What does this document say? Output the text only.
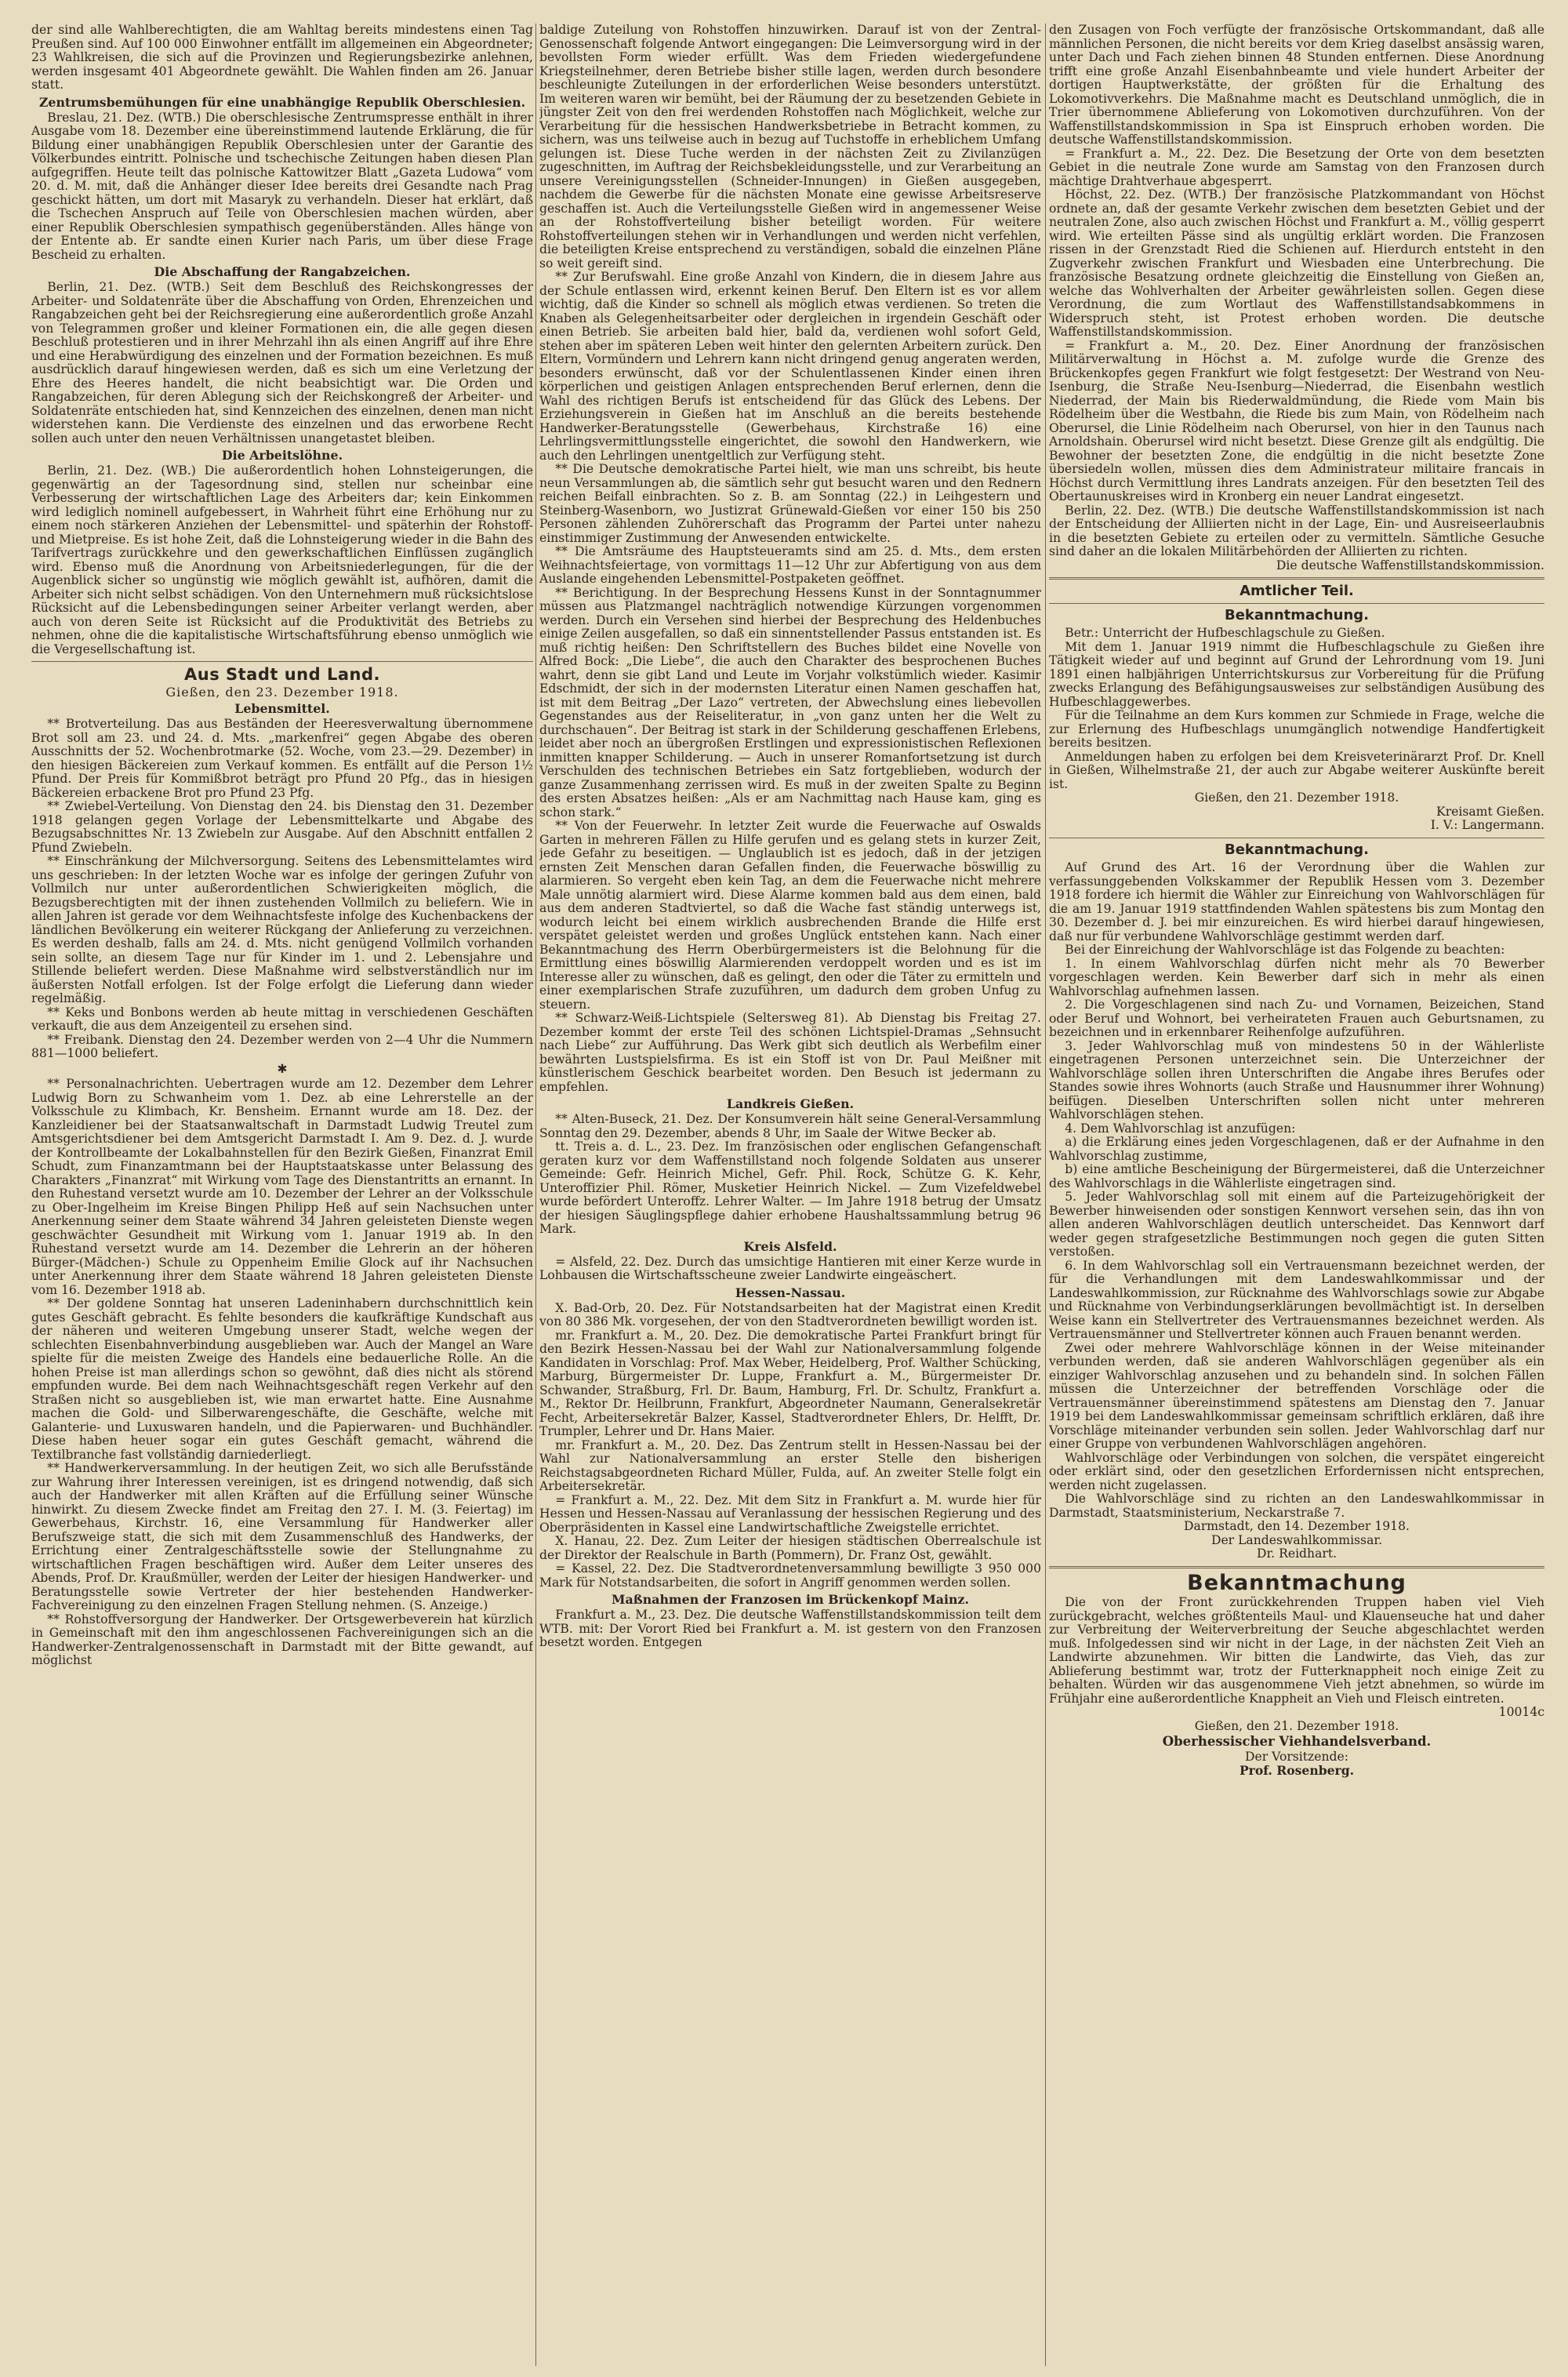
der sind alle Wahlberechtigten, die am Wahltag bereits mindestens einen Tag Preußen sind. Auf 100 000 Einwohner entfällt im allgemeinen ein Abgeordneter; 23 Wahlkreisen, die sich auf die Provinzen und Regierungsbezirke anlehnen, werden insgesamt 401 Abgeordnete gewählt. Die Wahlen finden am 26. Januar statt.

Zentrumsbemühungen für eine unabhängige Republik Oberschlesien.

Breslau, 21. Dez. (WTB.) Die oberschlesische Zentrumspresse enthält in ihrer Ausgabe vom 18. Dezember eine übereinstimmend lautende Erklärung, die für Bildung einer unabhängigen Republik Oberschlesien unter der Garantie des Völkerbundes eintritt. Polnische und tschechische Zeitungen haben diesen Plan aufgegriffen. Heute teilt das polnische Kattowitzer Blatt „Gazeta Ludowa“ vom 20. d. M. mit, daß die Anhänger dieser Idee bereits drei Gesandte nach Prag geschickt hätten, um dort mit Masaryk zu verhandeln. Dieser hat erklärt, daß die Tschechen Anspruch auf Teile von Oberschlesien machen würden, aber einer Republik Oberschlesien sympathisch gegenüberständen. Alles hänge von der Entente ab. Er sandte einen Kurier nach Paris, um über diese Frage Bescheid zu erhalten.

Die Abschaffung der Rangabzeichen.

Berlin, 21. Dez. (WTB.) Seit dem Beschluß des Reichskongresses der Arbeiter- und Soldatenräte über die Abschaffung von Orden, Ehrenzeichen und Rangabzeichen geht bei der Reichsregierung eine außerordentlich große Anzahl von Telegrammen großer und kleiner Formationen ein, die alle gegen diesen Beschluß protestieren und in ihrer Mehrzahl ihn als einen Angriff auf ihre Ehre und eine Herabwürdigung des einzelnen und der Formation bezeichnen. Es muß ausdrücklich darauf hingewiesen werden, daß es sich um eine Verletzung der Ehre des Heeres handelt, die nicht beabsichtigt war. Die Orden und Rangabzeichen, für deren Ablegung sich der Reichskongreß der Arbeiter- und Soldatenräte entschieden hat, sind Kennzeichen des einzelnen, denen man nicht widerstehen kann. Die Verdienste des einzelnen und das erworbene Recht sollen auch unter den neuen Verhältnissen unangetastet bleiben.

Die Arbeitslöhne.

Berlin, 21. Dez. (WB.) Die außerordentlich hohen Lohnsteigerungen, die gegenwärtig an der Tagesordnung sind, stellen nur scheinbar eine Verbesserung der wirtschaftlichen Lage des Arbeiters dar; kein Einkommen wird lediglich nominell aufgebessert, in Wahrheit führt eine Erhöhung nur zu einem noch stärkeren Anziehen der Lebensmittel- und späterhin der Rohstoff- und Mietpreise. Es ist hohe Zeit, daß die Lohnsteigerung wieder in die Bahn des Tarifvertrags zurückkehre und den gewerkschaftlichen Einflüssen zugänglich wird. Ebenso muß die Anordnung von Arbeitsniederlegungen, für die der Augenblick sicher so ungünstig wie möglich gewählt ist, aufhören, damit die Arbeiter sich nicht selbst schädigen. Von den Unternehmern muß rücksichtslose Rücksicht auf die Lebensbedingungen seiner Arbeiter verlangt werden, aber auch von deren Seite ist Rücksicht auf die Produktivität des Betriebs zu nehmen, ohne die die kapitalistische Wirtschaftsführung ebenso unmöglich wie die Vergesellschaftung ist.

Aus Stadt und Land.
Gießen, den 23. Dezember 1918.
Lebensmittel.

** Brotverteilung. Das aus Beständen der Heeresverwaltung übernommene Brot soll am 23. und 24. d. Mts. „markenfrei“ gegen Abgabe des oberen Ausschnitts der 52. Wochenbrotmarke (52. Woche, vom 23.—29. Dezember) in den hiesigen Bäckereien zum Verkauf kommen. Es entfällt auf die Person 1½ Pfund. Der Preis für Kommißbrot beträgt pro Pfund 20 Pfg., das in hiesigen Bäckereien erbackene Brot pro Pfund 23 Pfg.

** Zwiebel-Verteilung. Von Dienstag den 24. bis Dienstag den 31. Dezember 1918 gelangen gegen Vorlage der Lebensmittelkarte und Abgabe des Bezugsabschnittes Nr. 13 Zwiebeln zur Ausgabe. Auf den Abschnitt entfallen 2 Pfund Zwiebeln.

** Einschränkung der Milchversorgung. Seitens des Lebensmittelamtes wird uns geschrieben: In der letzten Woche war es infolge der geringen Zufuhr von Vollmilch nur unter außerordentlichen Schwierigkeiten möglich, die Bezugsberechtigten mit der ihnen zustehenden Vollmilch zu beliefern. Wie in allen Jahren ist gerade vor dem Weihnachtsfeste infolge des Kuchenbackens der ländlichen Bevölkerung ein weiterer Rückgang der Anlieferung zu verzeichnen. Es werden deshalb, falls am 24. d. Mts. nicht genügend Vollmilch vorhanden sein sollte, an diesem Tage nur für Kinder im 1. und 2. Lebensjahre und Stillende beliefert werden. Diese Maßnahme wird selbstverständlich nur im äußersten Notfall erfolgen. Ist der Folge erfolgt die Lieferung dann wieder regelmäßig.

** Keks und Bonbons werden ab heute mittag in verschiedenen Geschäften verkauft, die aus dem Anzeigenteil zu ersehen sind.

** Freibank. Dienstag den 24. Dezember werden von 2—4 Uhr die Nummern 881—1000 beliefert.

✱

** Personalnachrichten. Uebertragen wurde am 12. Dezember dem Lehrer Ludwig Born zu Schwanheim vom 1. Dez. ab eine Lehrerstelle an der Volksschule zu Klimbach, Kr. Bensheim. Ernannt wurde am 18. Dez. der Kanzleidiener bei der Staatsanwaltschaft in Darmstadt Ludwig Treutel zum Amtsgerichtsdiener bei dem Amtsgericht Darmstadt I. Am 9. Dez. d. J. wurde der Kontrollbeamte der Lokalbahnstellen für den Bezirk Gießen, Finanzrat Emil Schudt, zum Finanzamtmann bei der Hauptstaatskasse unter Belassung des Charakters „Finanzrat“ mit Wirkung vom Tage des Dienstantritts an ernannt. In den Ruhestand versetzt wurde am 10. Dezember der Lehrer an der Volksschule zu Ober-Ingelheim im Kreise Bingen Philipp Heß auf sein Nachsuchen unter Anerkennung seiner dem Staate während 34 Jahren geleisteten Dienste wegen geschwächter Gesundheit mit Wirkung vom 1. Januar 1919 ab. In den Ruhestand versetzt wurde am 14. Dezember die Lehrerin an der höheren Bürger-(Mädchen-) Schule zu Oppenheim Emilie Glock auf ihr Nachsuchen unter Anerkennung ihrer dem Staate während 18 Jahren geleisteten Dienste vom 16. Dezember 1918 ab.

** Der goldene Sonntag hat unseren Ladeninhabern durchschnittlich kein gutes Geschäft gebracht. Es fehlte besonders die kaufkräftige Kundschaft aus der näheren und weiteren Umgebung unserer Stadt, welche wegen der schlechten Eisenbahnverbindung ausgeblieben war. Auch der Mangel an Ware spielte für die meisten Zweige des Handels eine bedauerliche Rolle. An die hohen Preise ist man allerdings schon so gewöhnt, daß dies nicht als störend empfunden wurde. Bei dem nach Weihnachtsgeschäft regen Verkehr auf den Straßen nicht so ausgeblieben ist, wie man erwartet hatte. Eine Ausnahme machen die Gold- und Silberwarengeschäfte, die Geschäfte, welche mit Galanterie- und Luxuswaren handeln, und die Papierwaren- und Buchhändler. Diese haben heuer sogar ein gutes Geschäft gemacht, während die Textilbranche fast vollständig darniederliegt.

** Handwerkerversammlung. In der heutigen Zeit, wo sich alle Berufsstände zur Wahrung ihrer Interessen vereinigen, ist es dringend notwendig, daß sich auch der Handwerker mit allen Kräften auf die Erfüllung seiner Wünsche hinwirkt. Zu diesem Zwecke findet am Freitag den 27. I. M. (3. Feiertag) im Gewerbehaus, Kirchstr. 16, eine Versammlung für Handwerker aller Berufszweige statt, die sich mit dem Zusammenschluß des Handwerks, der Errichtung einer Zentralgeschäftsstelle sowie der Stellungnahme zu wirtschaftlichen Fragen beschäftigen wird. Außer dem Leiter unseres des Abends, Prof. Dr. Kraußmüller, werden der Leiter der hiesigen Handwerker- und Beratungsstelle sowie Vertreter der hier bestehenden Handwerker-Fachvereinigung zu den einzelnen Fragen Stellung nehmen. (S. Anzeige.)

** Rohstoffversorgung der Handwerker. Der Ortsgewerbeverein hat kürzlich in Gemeinschaft mit den ihm angeschlossenen Fachvereinigungen sich an die Handwerker-Zentralgenossenschaft in Darmstadt mit der Bitte gewandt, auf möglichst

baldige Zuteilung von Rohstoffen hinzuwirken. Darauf ist von der Zentral-Genossenschaft folgende Antwort eingegangen: Die Leimversorgung wird in der bevollsten Form wieder erfüllt. Was dem Frieden wiedergefundene Kriegsteilnehmer, deren Betriebe bisher stille lagen, werden durch besondere beschleunigte Zuteilungen in der erforderlichen Weise besonders unterstützt. Im weiteren waren wir bemüht, bei der Räumung der zu besetzenden Gebiete in jüngster Zeit von den frei werdenden Rohstoffen nach Möglichkeit, welche zur Verarbeitung für die hessischen Handwerksbetriebe in Betracht kommen, zu sichern, was uns teilweise auch in bezug auf Tuchstoffe in erheblichem Umfang gelungen ist. Diese Tuche werden in der nächsten Zeit zu Zivilanzügen zugeschnitten, im Auftrag der Reichsbekleidungsstelle, und zur Verarbeitung an unsere Vereinigungsstellen (Schneider-Innungen) in Gießen ausgegeben, nachdem die Gewerbe für die nächsten Monate eine gewisse Arbeitsreserve geschaffen ist. Auch die Verteilungsstelle Gießen wird in angemessener Weise an der Rohstoffverteilung bisher beteiligt worden. Für weitere Rohstoffverteilungen stehen wir in Verhandlungen und werden nicht verfehlen, die beteiligten Kreise entsprechend zu verständigen, sobald die einzelnen Pläne so weit gereift sind.

** Zur Berufswahl. Eine große Anzahl von Kindern, die in diesem Jahre aus der Schule entlassen wird, erkennt keinen Beruf. Den Eltern ist es vor allem wichtig, daß die Kinder so schnell als möglich etwas verdienen. So treten die Knaben als Gelegenheitsarbeiter oder dergleichen in irgendein Geschäft oder einen Betrieb. Sie arbeiten bald hier, bald da, verdienen wohl sofort Geld, stehen aber im späteren Leben weit hinter den gelernten Arbeitern zurück. Den Eltern, Vormündern und Lehrern kann nicht dringend genug angeraten werden, besonders erwünscht, daß vor der Schulentlassenen Kinder einen ihren körperlichen und geistigen Anlagen entsprechenden Beruf erlernen, denn die Wahl des richtigen Berufs ist entscheidend für das Glück des Lebens. Der Erziehungsverein in Gießen hat im Anschluß an die bereits bestehende Handwerker-Beratungsstelle (Gewerbehaus, Kirchstraße 16) eine Lehrlingsvermittlungsstelle eingerichtet, die sowohl den Handwerkern, wie auch den Lehrlingen unentgeltlich zur Verfügung steht.

** Die Deutsche demokratische Partei hielt, wie man uns schreibt, bis heute neun Versammlungen ab, die sämtlich sehr gut besucht waren und den Rednern reichen Beifall einbrachten. So z. B. am Sonntag (22.) in Leihgestern und Steinberg-Wasenborn, wo Justizrat Grünewald-Gießen vor einer 150 bis 250 Personen zählenden Zuhörerschaft das Programm der Partei unter nahezu einstimmiger Zustimmung der Anwesenden entwickelte.

** Die Amtsräume des Hauptsteueramts sind am 25. d. Mts., dem ersten Weihnachtsfeiertage, von vormittags 11—12 Uhr zur Abfertigung von aus dem Auslande eingehenden Lebensmittel-Postpaketen geöffnet.

** Berichtigung. In der Besprechung Hessens Kunst in der Sonntagnummer müssen aus Platzmangel nachträglich notwendige Kürzungen vorgenommen werden. Durch ein Versehen sind hierbei der Besprechung des Heldenbuches einige Zeilen ausgefallen, so daß ein sinnentstellender Passus entstanden ist. Es muß richtig heißen: Den Schriftstellern des Buches bildet eine Novelle von Alfred Bock: „Die Liebe“, die auch den Charakter des besprochenen Buches wahrt, denn sie gibt Land und Leute im Vorjahr volkstümlich wieder. Kasimir Edschmidt, der sich in der modernsten Literatur einen Namen geschaffen hat, ist mit dem Beitrag „Der Lazo“ vertreten, der Abwechslung eines liebevollen Gegenstandes aus der Reiseliteratur, in „von ganz unten her die Welt zu durchschauen“. Der Beitrag ist stark in der Schilderung geschaffenen Erlebens, leidet aber noch an übergroßen Erstlingen und expressionistischen Reflexionen inmitten knapper Schilderung. — Auch in unserer Romanfortsetzung ist durch Verschulden des technischen Betriebes ein Satz fortgeblieben, wodurch der ganze Zusammenhang zerrissen wird. Es muß in der zweiten Spalte zu Beginn des ersten Absatzes heißen: „Als er am Nachmittag nach Hause kam, ging es schon stark.“

** Von der Feuerwehr. In letzter Zeit wurde die Feuerwache auf Oswalds Garten in mehreren Fällen zu Hilfe gerufen und es gelang stets in kurzer Zeit, jede Gefahr zu beseitigen. — Unglaublich ist es jedoch, daß in der jetzigen ernsten Zeit Menschen daran Gefallen finden, die Feuerwache böswillig zu alarmieren. So vergeht eben kein Tag, an dem die Feuerwache nicht mehrere Male unnötig alarmiert wird. Diese Alarme kommen bald aus dem einen, bald aus dem anderen Stadtviertel, so daß die Wache fast ständig unterwegs ist, wodurch leicht bei einem wirklich ausbrechenden Brande die Hilfe erst verspätet geleistet werden und großes Unglück entstehen kann. Nach einer Bekanntmachung des Herrn Oberbürgermeisters ist die Belohnung für die Ermittlung eines böswillig Alarmierenden verdoppelt worden und es ist im Interesse aller zu wünschen, daß es gelingt, den oder die Täter zu ermitteln und einer exemplarischen Strafe zuzuführen, um dadurch dem groben Unfug zu steuern.

** Schwarz-Weiß-Lichtspiele (Seltersweg 81). Ab Dienstag bis Freitag 27. Dezember kommt der erste Teil des schönen Lichtspiel-Dramas „Sehnsucht nach Liebe“ zur Aufführung. Das Werk gibt sich deutlich als Werbefilm einer bewährten Lustspielsfirma. Es ist ein Stoff ist von Dr. Paul Meißner mit künstlerischem Geschick bearbeitet worden. Den Besuch ist jedermann zu empfehlen.

Landkreis Gießen.

** Alten-Buseck, 21. Dez. Der Konsumverein hält seine General-Versammlung Sonntag den 29. Dezember, abends 8 Uhr, im Saale der Witwe Becker ab.

tt. Treis a. d. L., 23. Dez. Im französischen oder englischen Gefangenschaft geraten kurz vor dem Waffenstillstand noch folgende Soldaten aus unserer Gemeinde: Gefr. Heinrich Michel, Gefr. Phil. Rock, Schütze G. K. Kehr, Unteroffizier Phil. Römer, Musketier Heinrich Nickel. — Zum Vizefeldwebel wurde befördert Unteroffz. Lehrer Walter. — Im Jahre 1918 betrug der Umsatz der hiesigen Säuglingspflege dahier erhobene Haushaltssammlung betrug 96 Mark.

Kreis Alsfeld.

= Alsfeld, 22. Dez. Durch das umsichtige Hantieren mit einer Kerze wurde in Lohbausen die Wirtschaftsscheune zweier Landwirte eingeäschert.

Hessen-Nassau.

X. Bad-Orb, 20. Dez. Für Notstandsarbeiten hat der Magistrat einen Kredit von 80 386 Mk. vorgesehen, der von den Stadtverordneten bewilligt worden ist.

mr. Frankfurt a. M., 20. Dez. Die demokratische Partei Frankfurt bringt für den Bezirk Hessen-Nassau bei der Wahl zur Nationalversammlung folgende Kandidaten in Vorschlag: Prof. Max Weber, Heidelberg, Prof. Walther Schücking, Marburg, Bürgermeister Dr. Luppe, Frankfurt a. M., Bürgermeister Dr. Schwander, Straßburg, Frl. Dr. Baum, Hamburg, Frl. Dr. Schultz, Frankfurt a. M., Rektor Dr. Heilbrunn, Frankfurt, Abgeordneter Naumann, Generalsekretär Fecht, Arbeitersekretär Balzer, Kassel, Stadtverordneter Ehlers, Dr. Helfft, Dr. Trumpler, Lehrer und Dr. Hans Maier.

mr. Frankfurt a. M., 20. Dez. Das Zentrum stellt in Hessen-Nassau bei der Wahl zur Nationalversammlung an erster Stelle den bisherigen Reichstagsabgeordneten Richard Müller, Fulda, auf. An zweiter Stelle folgt ein Arbeitersekretär.

= Frankfurt a. M., 22. Dez. Mit dem Sitz in Frankfurt a. M. wurde hier für Hessen und Hessen-Nassau auf Veranlassung der hessischen Regierung und des Oberpräsidenten in Kassel eine Landwirtschaftliche Zweigstelle errichtet.

X. Hanau, 22. Dez. Zum Leiter der hiesigen städtischen Oberrealschule ist der Direktor der Realschule in Barth (Pommern), Dr. Franz Ost, gewählt.

= Kassel, 22. Dez. Die Stadtverordnetenversammlung bewilligte 3 950 000 Mark für Notstandsarbeiten, die sofort in Angriff genommen werden sollen.

Maßnahmen der Franzosen im Brückenkopf Mainz.

Frankfurt a. M., 23. Dez. Die deutsche Waffenstillstandskommission teilt dem WTB. mit: Der Vorort Ried bei Frankfurt a. M. ist gestern von den Franzosen besetzt worden. Entgegen

den Zusagen von Foch verfügte der französische Ortskommandant, daß alle männlichen Personen, die nicht bereits vor dem Krieg daselbst ansässig waren, unter Dach und Fach ziehen binnen 48 Stunden entfernen. Diese Anordnung trifft eine große Anzahl Eisenbahnbeamte und viele hundert Arbeiter der dortigen Hauptwerkstätte, der größten für die Erhaltung des Lokomotivverkehrs. Die Maßnahme macht es Deutschland unmöglich, die in Trier übernommene Ablieferung von Lokomotiven durchzuführen. Von der Waffenstillstandskommission in Spa ist Einspruch erhoben worden. Die deutsche Waffenstillstandskommission.

= Frankfurt a. M., 22. Dez. Die Besetzung der Orte von dem besetzten Gebiet in die neutrale Zone wurde am Samstag von den Franzosen durch mächtige Drahtverhaue abgesperrt.

Höchst, 22. Dez. (WTB.) Der französische Platzkommandant von Höchst ordnete an, daß der gesamte Verkehr zwischen dem besetzten Gebiet und der neutralen Zone, also auch zwischen Höchst und Frankfurt a. M., völlig gesperrt wird. Wie erteilten Pässe sind als ungültig erklärt worden. Die Franzosen rissen in der Grenzstadt Ried die Schienen auf. Hierdurch entsteht in den Zugverkehr zwischen Frankfurt und Wiesbaden eine Unterbrechung. Die französische Besatzung ordnete gleichzeitig die Einstellung von Gießen an, welche das Wohlverhalten der Arbeiter gewährleisten sollen. Gegen diese Verordnung, die zum Wortlaut des Waffenstillstandsabkommens in Widerspruch steht, ist Protest erhoben worden. Die deutsche Waffenstillstandskommission.

= Frankfurt a. M., 20. Dez. Einer Anordnung der französischen Militärverwaltung in Höchst a. M. zufolge wurde die Grenze des Brückenkopfes gegen Frankfurt wie folgt festgesetzt: Der Westrand von Neu-Isenburg, die Straße Neu-Isenburg—Niederrad, die Eisenbahn westlich Niederrad, der Main bis Riederwaldmündung, die Riede vom Main bis Rödelheim über die Westbahn, die Riede bis zum Main, von Rödelheim nach Oberursel, die Linie Rödelheim nach Oberursel, von hier in den Taunus nach Arnoldshain. Oberursel wird nicht besetzt. Diese Grenze gilt als endgültig. Die Bewohner der besetzten Zone, die endgültig in die nicht besetzte Zone übersiedeln wollen, müssen dies dem Administrateur militaire francais in Höchst durch Vermittlung ihres Landrats anzeigen. Für den besetzten Teil des Obertaunuskreises wird in Kronberg ein neuer Landrat eingesetzt.

Berlin, 22. Dez. (WTB.) Die deutsche Waffenstillstandskommission ist nach der Entscheidung der Alliierten nicht in der Lage, Ein- und Ausreiseerlaubnis in die besetzten Gebiete zu erteilen oder zu vermitteln. Sämtliche Gesuche sind daher an die lokalen Militärbehörden der Alliierten zu richten.

Die deutsche Waffenstillstandskommission.

Amtlicher Teil.
Bekanntmachung.

Betr.: Unterricht der Hufbeschlagschule zu Gießen.

Mit dem 1. Januar 1919 nimmt die Hufbeschlagschule zu Gießen ihre Tätigkeit wieder auf und beginnt auf Grund der Lehrordnung vom 19. Juni 1891 einen halbjährigen Unterrichtskursus zur Vorbereitung für die Prüfung zwecks Erlangung des Befähigungsausweises zur selbständigen Ausübung des Hufbeschlaggewerbes.

Für die Teilnahme an dem Kurs kommen zur Schmiede in Frage, welche die zur Erlernung des Hufbeschlags unumgänglich notwendige Handfertigkeit bereits besitzen.

Anmeldungen haben zu erfolgen bei dem Kreisveterinärarzt Prof. Dr. Knell in Gießen, Wilhelmstraße 21, der auch zur Abgabe weiterer Auskünfte bereit ist.

Gießen, den 21. Dezember 1918.

Kreisamt Gießen.

I. V.: Langermann.

Bekanntmachung.

Auf Grund des Art. 16 der Verordnung über die Wahlen zur verfassunggebenden Volkskammer der Republik Hessen vom 3. Dezember 1918 fordere ich hiermit die Wähler zur Einreichung von Wahlvorschlägen für die am 19. Januar 1919 stattfindenden Wahlen spätestens bis zum Montag den 30. Dezember d. J. bei mir einzureichen. Es wird hierbei darauf hingewiesen, daß nur für verbundene Wahlvorschläge gestimmt werden darf.

Bei der Einreichung der Wahlvorschläge ist das Folgende zu beachten:

1. In einem Wahlvorschlag dürfen nicht mehr als 70 Bewerber vorgeschlagen werden. Kein Bewerber darf sich in mehr als einen Wahlvorschlag aufnehmen lassen.

2. Die Vorgeschlagenen sind nach Zu- und Vornamen, Beizeichen, Stand oder Beruf und Wohnort, bei verheirateten Frauen auch Geburtsnamen, zu bezeichnen und in erkennbarer Reihenfolge aufzuführen.

3. Jeder Wahlvorschlag muß von mindestens 50 in der Wählerliste eingetragenen Personen unterzeichnet sein. Die Unterzeichner der Wahlvorschläge sollen ihren Unterschriften die Angabe ihres Berufes oder Standes sowie ihres Wohnorts (auch Straße und Hausnummer ihrer Wohnung) beifügen. Dieselben Unterschriften sollen nicht unter mehreren Wahlvorschlägen stehen.

4. Dem Wahlvorschlag ist anzufügen:

a) die Erklärung eines jeden Vorgeschlagenen, daß er der Aufnahme in den Wahlvorschlag zustimme,

b) eine amtliche Bescheinigung der Bürgermeisterei, daß die Unterzeichner des Wahlvorschlags in die Wählerliste eingetragen sind.

5. Jeder Wahlvorschlag soll mit einem auf die Parteizugehörigkeit der Bewerber hinweisenden oder sonstigen Kennwort versehen sein, das ihn von allen anderen Wahlvorschlägen deutlich unterscheidet. Das Kennwort darf weder gegen strafgesetzliche Bestimmungen noch gegen die guten Sitten verstoßen.

6. In dem Wahlvorschlag soll ein Vertrauensmann bezeichnet werden, der für die Verhandlungen mit dem Landeswahlkommissar und der Landeswahlkommission, zur Rücknahme des Wahlvorschlags sowie zur Abgabe und Rücknahme von Verbindungserklärungen bevollmächtigt ist. In derselben Weise kann ein Stellvertreter des Vertrauensmannes bezeichnet werden. Als Vertrauensmänner und Stellvertreter können auch Frauen benannt werden.

Zwei oder mehrere Wahlvorschläge können in der Weise miteinander verbunden werden, daß sie anderen Wahlvorschlägen gegenüber als ein einziger Wahlvorschlag anzusehen und zu behandeln sind. In solchen Fällen müssen die Unterzeichner der betreffenden Vorschläge oder die Vertrauensmänner übereinstimmend spätestens am Dienstag den 7. Januar 1919 bei dem Landeswahlkommissar gemeinsam schriftlich erklären, daß ihre Vorschläge miteinander verbunden sein sollen. Jeder Wahlvorschlag darf nur einer Gruppe von verbundenen Wahlvorschlägen angehören.

Wahlvorschläge oder Verbindungen von solchen, die verspätet eingereicht oder erklärt sind, oder den gesetzlichen Erfordernissen nicht entsprechen, werden nicht zugelassen.

Die Wahlvorschläge sind zu richten an den Landeswahlkommissar in Darmstadt, Staatsministerium, Neckarstraße 7.

Darmstadt, den 14. Dezember 1918.

Der Landeswahlkommissar.

Dr. Reidhart.

Bekanntmachung

Die von der Front zurückkehrenden Truppen haben viel Vieh zurückgebracht, welches größtenteils Maul- und Klauenseuche hat und daher zur Verbreitung der Weiterverbreitung der Seuche abgeschlachtet werden muß. Infolgedessen sind wir nicht in der Lage, in der nächsten Zeit Vieh an Landwirte abzunehmen. Wir bitten die Landwirte, das Vieh, das zur Ablieferung bestimmt war, trotz der Futterknappheit noch einige Zeit zu behalten. Würden wir das ausgenommene Vieh jetzt abnehmen, so würde im Frühjahr eine außerordentliche Knappheit an Vieh und Fleisch eintreten.

10014c

Gießen, den 21. Dezember 1918.

Oberhessischer Viehhandelsverband.

Der Vorsitzende:

Prof. Rosenberg.
